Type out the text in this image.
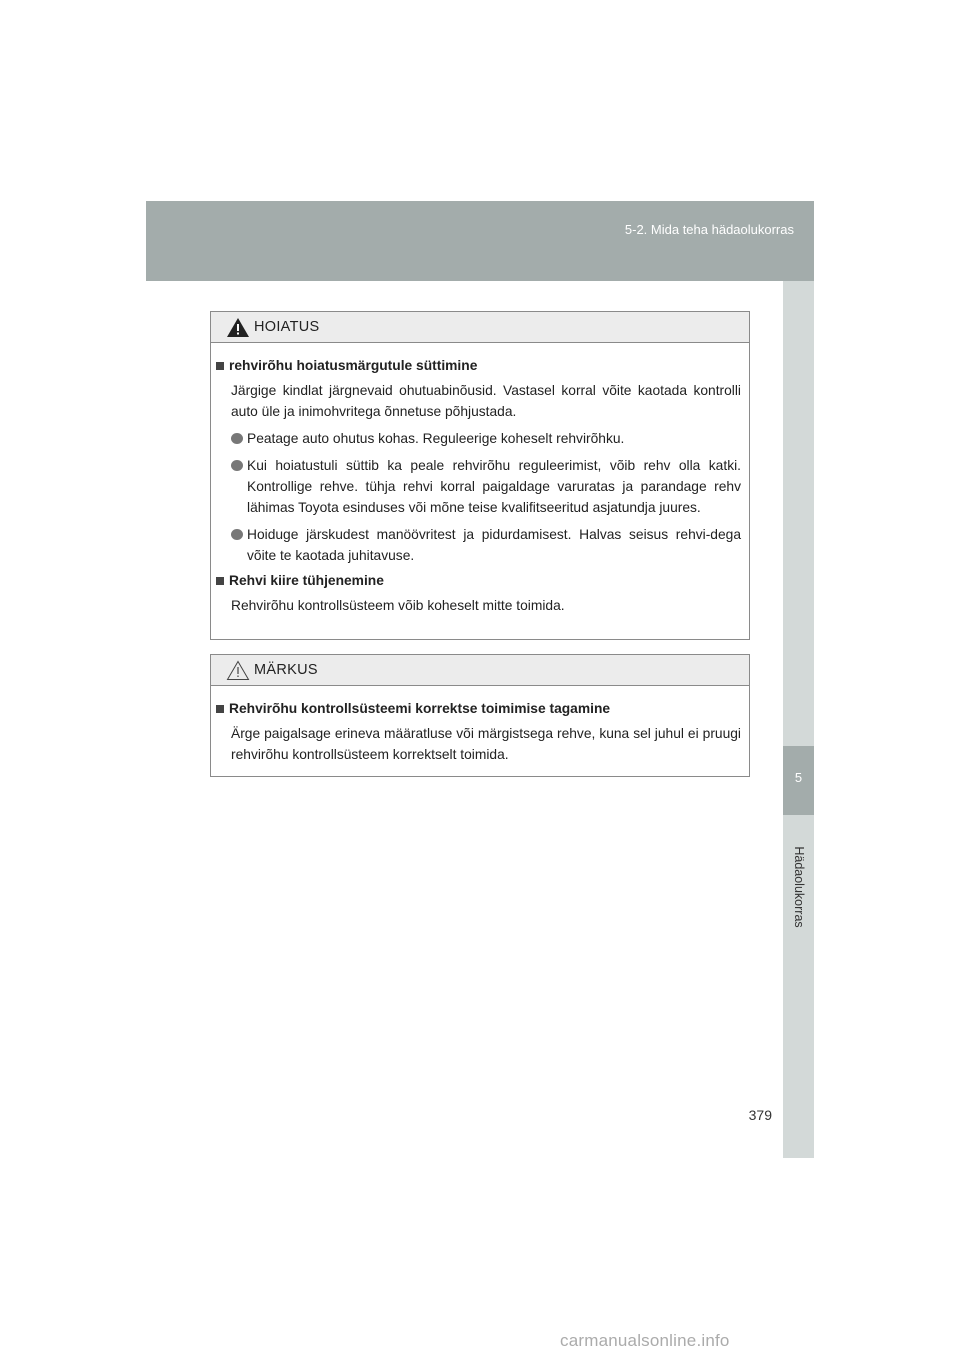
5-2. Mida teha hädaolukorras
5
Hädaolukorras
HOIATUS
rehvirõhu hoiatusmärgutule süttimine
Järgige kindlat järgnevaid ohutuabinõusid. Vastasel korral võite kaotada kontrolli auto üle ja inimohvritega õnnetuse põhjustada.
Peatage auto ohutus kohas. Reguleerige koheselt rehvirõhku.
Kui hoiatustuli süttib ka peale rehvirõhu reguleerimist, võib rehv olla katki. Kontrollige rehve. tühja rehvi korral paigaldage varuratas ja parandage rehv lähimas Toyota esinduses või mõne teise kvalifitseeritud asjatundja juures.
Hoiduge järskudest manöövritest ja pidurdamisest. Halvas seisus rehvi-dega võite te kaotada juhitavuse.
Rehvi kiire tühjenemine
Rehvirõhu kontrollsüsteem võib koheselt mitte toimida.
MÄRKUS
Rehvirõhu kontrollsüsteemi korrektse toimimise tagamine
Ärge paigalsage erineva määratluse või märgistsega rehve, kuna sel juhul ei pruugi rehvirõhu kontrollsüsteem korrektselt toimida.
379
carmanualsonline.info
